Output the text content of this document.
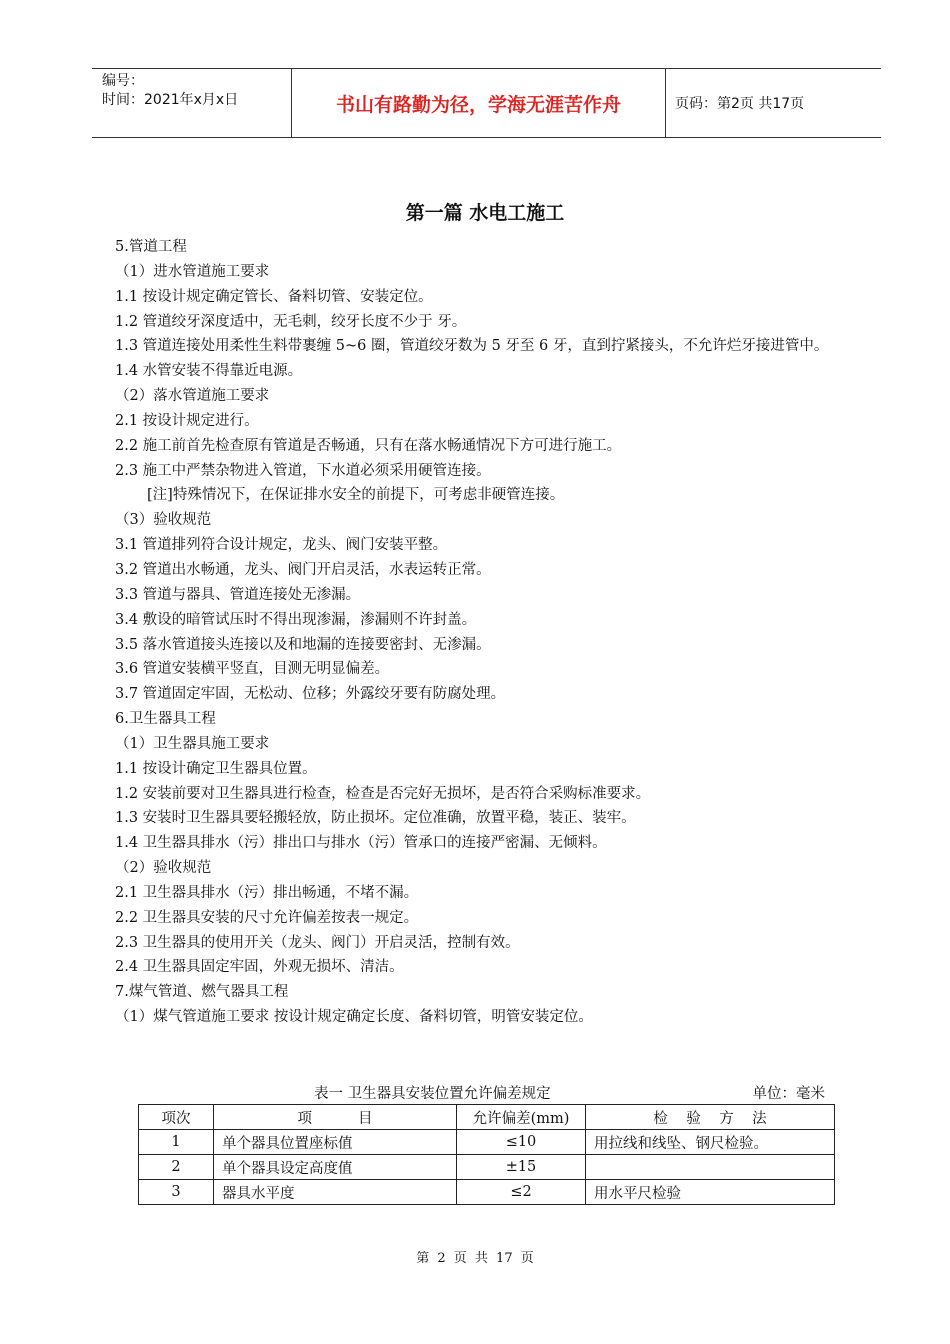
编号：
时间：2021年x月x日	书山有路勤为径，学海无涯苦作舟	页码：第2页 共17页
第一篇 水电工施工
5.管道工程
（1）进水管道施工要求
1.1 按设计规定确定管长、备料切管、安装定位。
1.2 管道绞牙深度适中，无毛刺，绞牙长度不少于 牙。
1.3 管道连接处用柔性生料带裹缠 5~6 圈，管道绞牙数为 5 牙至 6 牙，直到拧紧接头，不允许烂牙接进管中。
1.4 水管安装不得靠近电源。
（2）落水管道施工要求
2.1 按设计规定进行。
2.2 施工前首先检查原有管道是否畅通，只有在落水畅通情况下方可进行施工。
2.3 施工中严禁杂物进入管道，下水道必须采用硬管连接。
[注]特殊情况下，在保证排水安全的前提下，可考虑非硬管连接。
（3）验收规范
3.1 管道排列符合设计规定，龙头、阀门安装平整。
3.2 管道出水畅通，龙头、阀门开启灵活，水表运转正常。
3.3 管道与器具、管道连接处无渗漏。
3.4 敷设的暗管试压时不得出现渗漏，渗漏则不许封盖。
3.5 落水管道接头连接以及和地漏的连接要密封、无渗漏。
3.6 管道安装横平竖直，目测无明显偏差。
3.7 管道固定牢固，无松动、位移；外露绞牙要有防腐处理。
6.卫生器具工程
（1）卫生器具施工要求
1.1 按设计确定卫生器具位置。
1.2 安装前要对卫生器具进行检查，检查是否完好无损坏，是否符合采购标准要求。
1.3 安装时卫生器具要轻搬轻放，防止损坏。定位准确，放置平稳，装正、装牢。
1.4 卫生器具排水（污）排出口与排水（污）管承口的连接严密漏、无倾料。
（2）验收规范
2.1 卫生器具排水（污）排出畅通，不堵不漏。
2.2 卫生器具安装的尺寸允许偏差按表一规定。
2.3 卫生器具的使用开关（龙头、阀门）开启灵活，控制有效。
2.4 卫生器具固定牢固，外观无损坏、清洁。
7.煤气管道、燃气器具工程
（1）煤气管道施工要求 按设计规定确定长度、备料切管，明管安装定位。
表一 卫生器具安装位置允许偏差规定	单位：毫米
项次	项          目	允许偏差(mm)	检    验    方    法
1	单个器具位置座标值	≤10	用拉线和线坠、钢尺检验。
2	单个器具设定高度值	±15	
3	器具水平度	≤2	用水平尺检验
第 2 页 共 17 页
